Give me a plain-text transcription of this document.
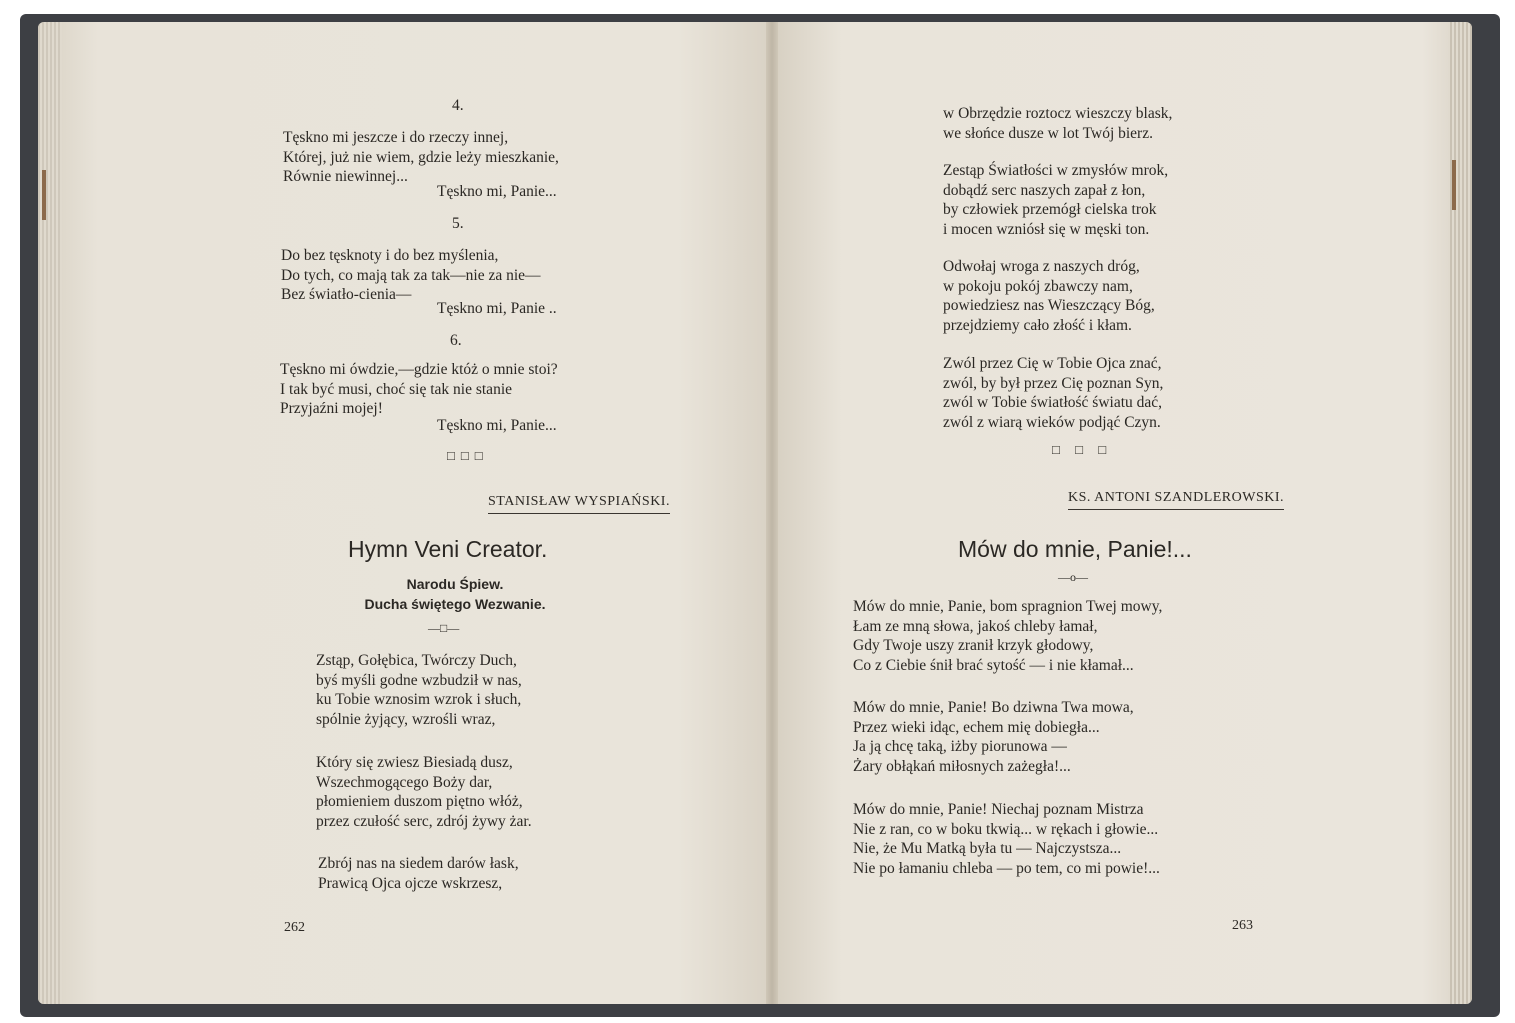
4.
Tęskno mi jeszcze i do rzeczy innej,
Której, już nie wiem, gdzie leży mieszkanie,
Równie niewinnej...
Tęskno mi, Panie...
5.
Do bez tęsknoty i do bez myślenia,
Do tych, co mają tak za tak—nie za nie—
Bez światło-cienia—
Tęskno mi, Panie ..
6.
Tęskno mi ówdzie,—gdzie któż o mnie stoi?
I tak być musi, choć się tak nie stanie
Przyjaźni mojej!
Tęskno mi, Panie...
□□□
STANISŁAW WYSPIAŃSKI.
Hymn Veni Creator.
Narodu Śpiew.
Ducha świętego Wezwanie.
—□—
Zstąp, Gołębica, Twórczy Duch,
byś myśli godne wzbudził w nas,
ku Tobie wznosim wzrok i słuch,
spólnie żyjący, wzrośli wraz,
Który się zwiesz Biesiadą dusz,
Wszechmogącego Boży dar,
płomieniem duszom piętno włóż,
przez czułość serc, zdrój żywy żar.
Zbrój nas na siedem darów łask,
Prawicą Ojca ojcze wskrzesz,
262
w Obrzędzie roztocz wieszczy blask,
we słońce dusze w lot Twój bierz.
Zestąp Światłości w zmysłów mrok,
dobądź serc naszych zapał z łon,
by człowiek przemógł cielska trok
i mocen wzniósł się w męski ton.
Odwołaj wroga z naszych dróg,
w pokoju pokój zbawczy nam,
powiedziesz nas Wieszczący Bóg,
przejdziemy cało złość i kłam.
Zwól przez Cię w Tobie Ojca znać,
zwól, by był przez Cię poznan Syn,
zwól w Tobie światłość światu dać,
zwól z wiarą wieków podjąć Czyn.
□ □ □
KS. ANTONI SZANDLEROWSKI.
Mów do mnie, Panie!...
—o—
Mów do mnie, Panie, bom spragnion Twej mowy,
Łam ze mną słowa, jakoś chleby łamał,
Gdy Twoje uszy zranił krzyk głodowy,
Co z Ciebie śnił brać sytość — i nie kłamał...
Mów do mnie, Panie! Bo dziwna Twa mowa,
Przez wieki idąc, echem mię dobiegła...
Ja ją chcę taką, iżby piorunowa —
Żary obłąkań miłosnych zażegła!...
Mów do mnie, Panie! Niechaj poznam Mistrza
Nie z ran, co w boku tkwią... w rękach i głowie...
Nie, że Mu Matką była tu — Najczystsza...
Nie po łamaniu chleba — po tem, co mi powie!...
263
